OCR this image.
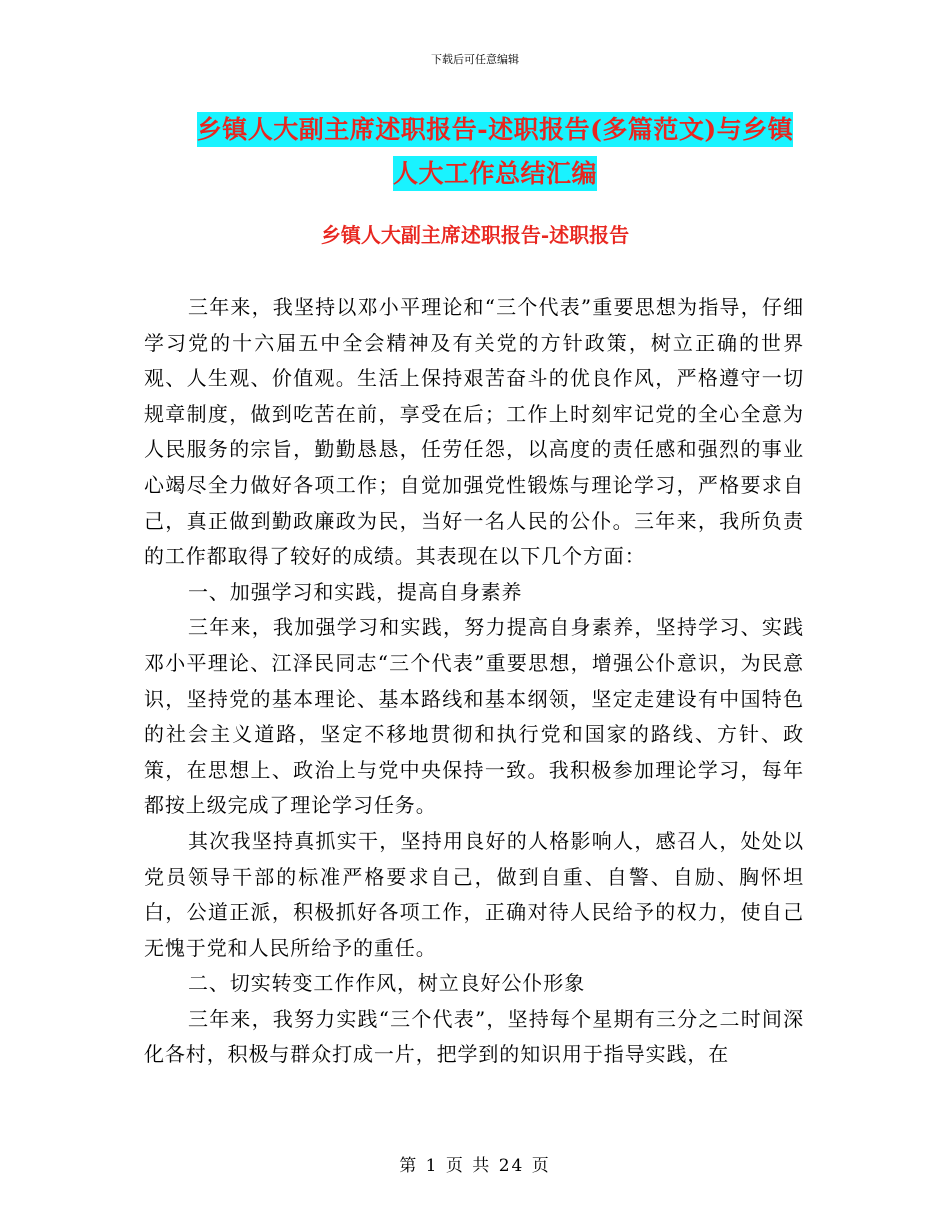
下载后可任意编辑
乡镇人大副主席述职报告-述职报告(多篇范文)与乡镇
人大工作总结汇编
乡镇人大副主席述职报告-述职报告

三年来，我坚持以邓小平理论和“三个代表”重要思想为指导，仔细学习党的十六届五中全会精神及有关党的方针政策，树立正确的世界观、人生观、价值观。生活上保持艰苦奋斗的优良作风，严格遵守一切规章制度，做到吃苦在前，享受在后；工作上时刻牢记党的全心全意为人民服务的宗旨，勤勤恳恳，任劳任怨，以高度的责任感和强烈的事业心竭尽全力做好各项工作；自觉加强党性锻炼与理论学习，严格要求自己，真正做到勤政廉政为民，当好一名人民的公仆。三年来，我所负责的工作都取得了较好的成绩。其表现在以下几个方面：

一、加强学习和实践，提高自身素养

三年来，我加强学习和实践，努力提高自身素养，坚持学习、实践邓小平理论、江泽民同志“三个代表”重要思想，增强公仆意识，为民意识，坚持党的基本理论、基本路线和基本纲领，坚定走建设有中国特色的社会主义道路，坚定不移地贯彻和执行党和国家的路线、方针、政策，在思想上、政治上与党中央保持一致。我积极参加理论学习，每年都按上级完成了理论学习任务。

其次我坚持真抓实干，坚持用良好的人格影响人，感召人，处处以党员领导干部的标准严格要求自己，做到自重、自警、自励、胸怀坦白，公道正派，积极抓好各项工作，正确对待人民给予的权力，使自己无愧于党和人民所给予的重任。

二、切实转变工作作风，树立良好公仆形象

三年来，我努力实践“三个代表”，坚持每个星期有三分之二时间深化各村，积极与群众打成一片，把学到的知识用于指导实践，在

第 1 页 共 24 页
